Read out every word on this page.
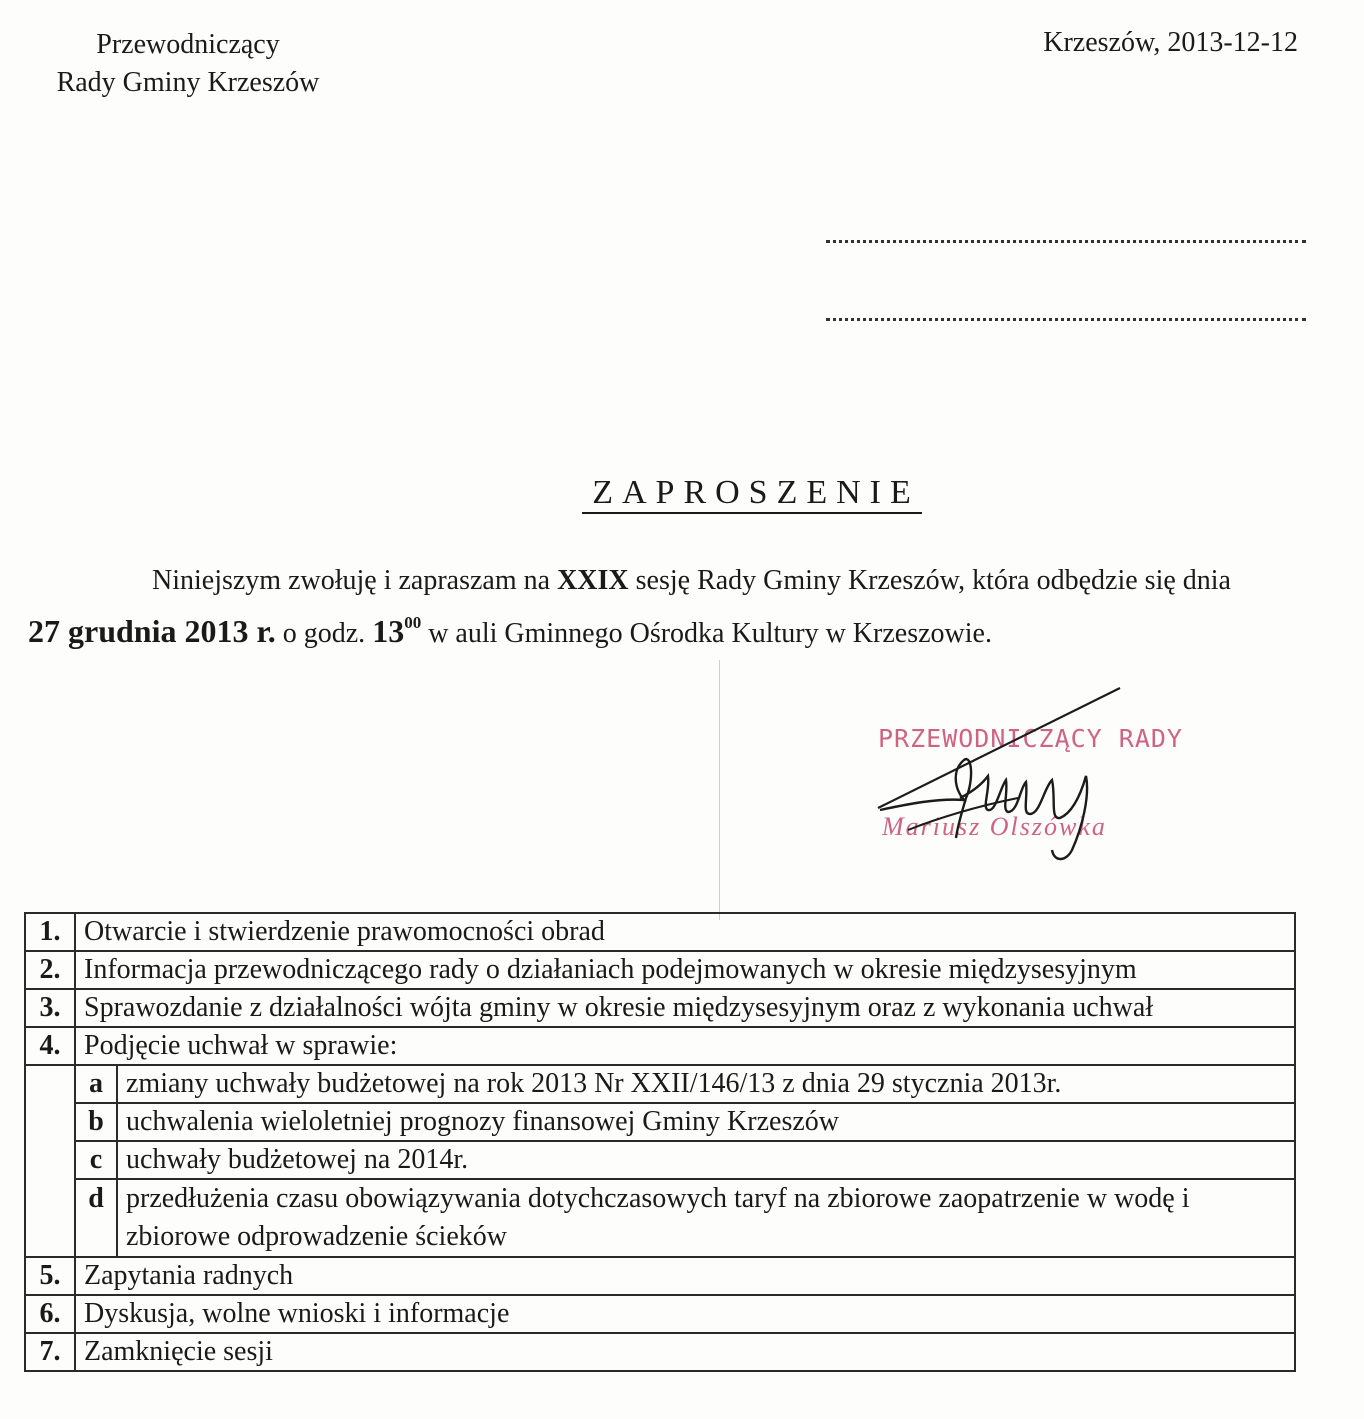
Przewodniczący
Rady Gminy Krzeszów
Krzeszów, 2013-12-12
ZAPROSZENIE
Niniejszym zwołuję i zapraszam na XXIX sesję Rady Gminy Krzeszów, która odbędzie się dnia 27 grudnia 2013 r. o godz. $13^{00}$ w auli Gminnego Ośrodka Kultury w Krzeszowie.
PRZEWODNICZĄCY RADY
Mariusz Olszówka
1.	Otwarcie i stwierdzenie prawomocności obrad	
2.	Informacja przewodniczącego rady o działaniach podejmowanych w okresie międzysesyjnym	
3.	Sprawozdanie z działalności wójta gminy w okresie międzysesyjnym oraz z wykonania uchwał	
4.	Podjęcie uchwał w sprawie:	
	a	zmiany uchwały budżetowej na rok 2013 Nr XXII/146/13 z dnia 29 stycznia 2013r.
	b	uchwalenia wieloletniej prognozy finansowej Gminy Krzeszów
	c	uchwały budżetowej na 2014r.
	d	przedłużenia czasu obowiązywania dotychczasowych taryf na zbiorowe zaopatrzenie w wodę i zbiorowe odprowadzenie ścieków
5.	Zapytania radnych	
6.	Dyskusja, wolne wnioski i informacje	
7.	Zamknięcie sesji	
